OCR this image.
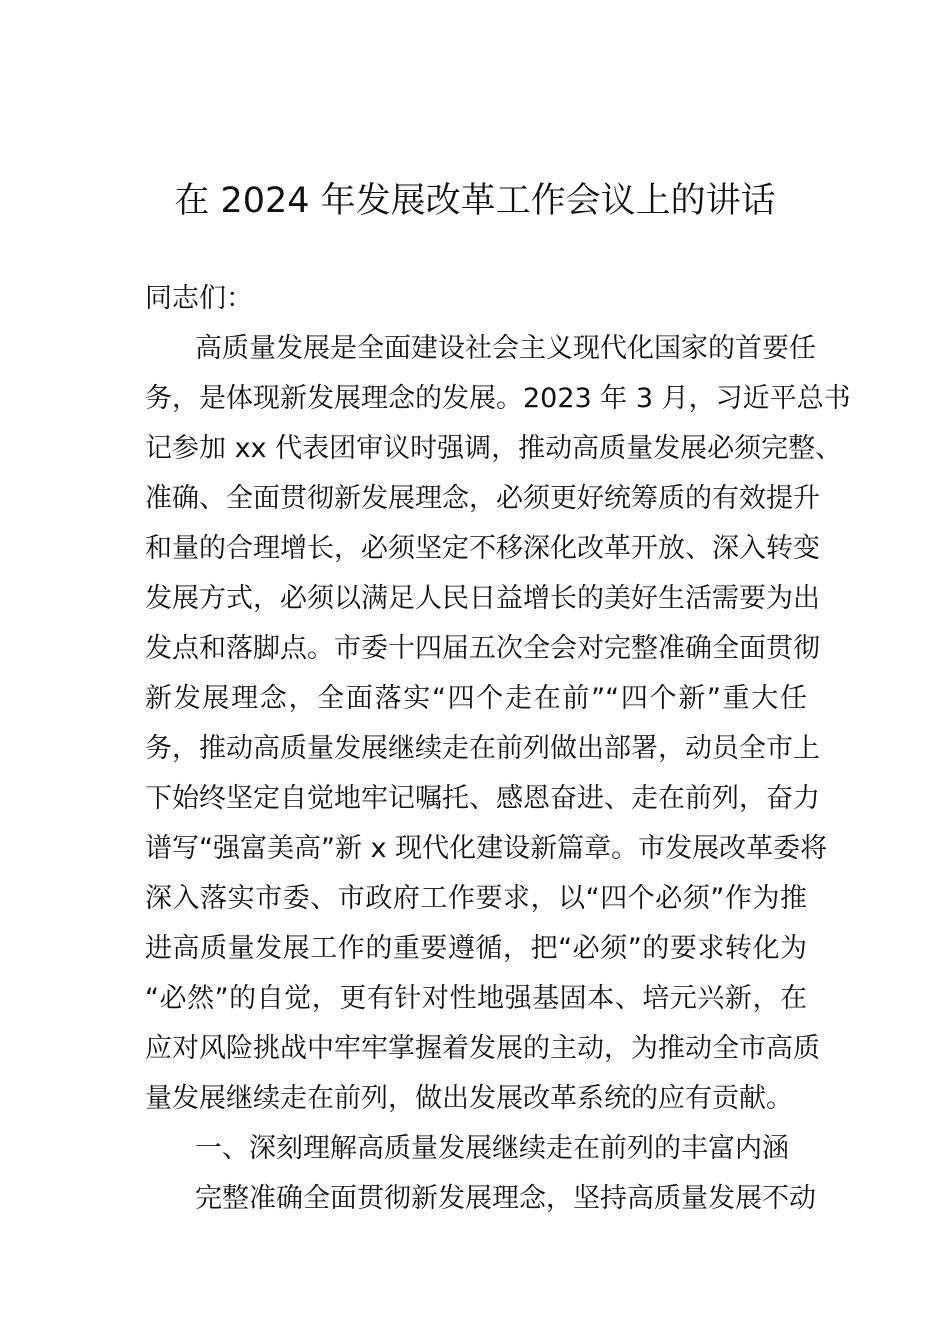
在 2024 年发展改革工作会议上的讲话
同志们：
高质量发展是全面建设社会主义现代化国家的首要任
务，是体现新发展理念的发展。2023 年 3 月，习近平总书
记参加 xx 代表团审议时强调，推动高质量发展必须完整、
准确、全面贯彻新发展理念，必须更好统筹质的有效提升
和量的合理增长，必须坚定不移深化改革开放、深入转变
发展方式，必须以满足人民日益增长的美好生活需要为出
发点和落脚点。市委十四届五次全会对完整准确全面贯彻
新发展理念，全面落实“四个走在前”“四个新”重大任
务，推动高质量发展继续走在前列做出部署，动员全市上
下始终坚定自觉地牢记嘱托、感恩奋进、走在前列，奋力
谱写“强富美高”新 x 现代化建设新篇章。市发展改革委将
深入落实市委、市政府工作要求，以“四个必须”作为推
进高质量发展工作的重要遵循，把“必须”的要求转化为
“必然”的自觉，更有针对性地强基固本、培元兴新，在
应对风险挑战中牢牢掌握着发展的主动，为推动全市高质
量发展继续走在前列，做出发展改革系统的应有贡献。
一、深刻理解高质量发展继续走在前列的丰富内涵
完整准确全面贯彻新发展理念，坚持高质量发展不动
